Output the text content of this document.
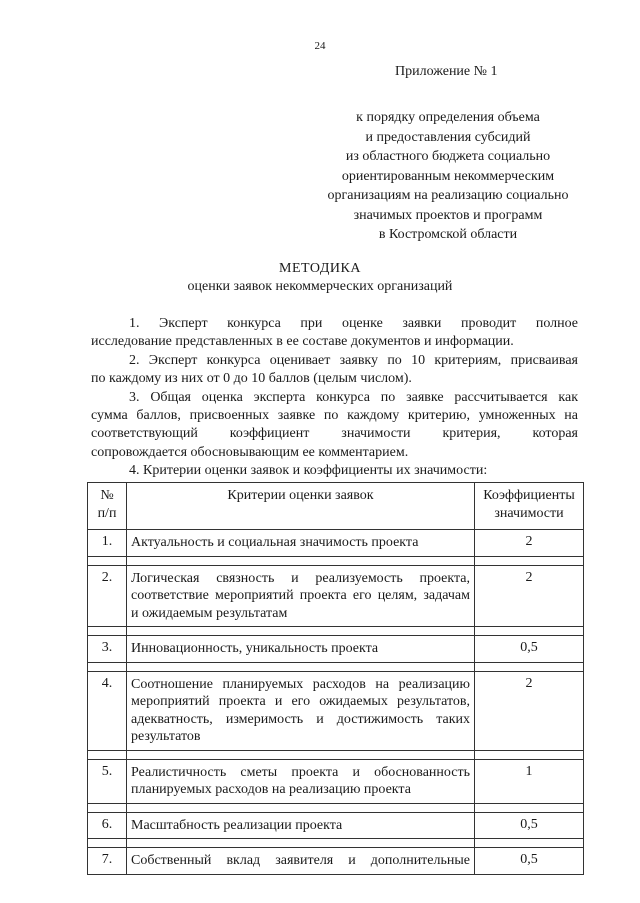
24
Приложение № 1
к порядку определения объема
и предоставления субсидий
из областного бюджета социально
ориентированным некоммерческим
организациям на реализацию социально
значимых проектов и программ
в Костромской области
МЕТОДИКА
оценки заявок некоммерческих организаций
1. Эксперт конкурса при оценке заявки проводит полное
исследование представленных в ее составе документов и информации.
2. Эксперт конкурса оценивает заявку по 10 критериям, присваивая
по каждому из них от 0 до 10 баллов (целым числом).
3. Общая оценка эксперта конкурса по заявке рассчитывается как
сумма баллов, присвоенных заявке по каждому критерию, умноженных на
соответствующий коэффициент значимости критерия, которая
сопровождается обосновывающим ее комментарием.
4. Критерии оценки заявок и коэффициенты их значимости:
№ п/п	Критерии оценки заявок	Коэффициенты значимости

1.	Актуальность и социальная значимость проекта	2

2.	Логическая связность и реализуемость проекта,
соответствие мероприятий проекта его целям, задачам
и ожидаемым результатам	2

3.	Инновационность, уникальность проекта	0,5

4.	Соотношение планируемых расходов на реализацию
мероприятий проекта и его ожидаемых результатов,
адекватность, измеримость и достижимость таких
результатов	2

5.	Реалистичность сметы проекта и обоснованность
планируемых расходов на реализацию проекта	1

6.	Масштабность реализации проекта	0,5

7.	Собственный вклад заявителя и дополнительные	0,5
